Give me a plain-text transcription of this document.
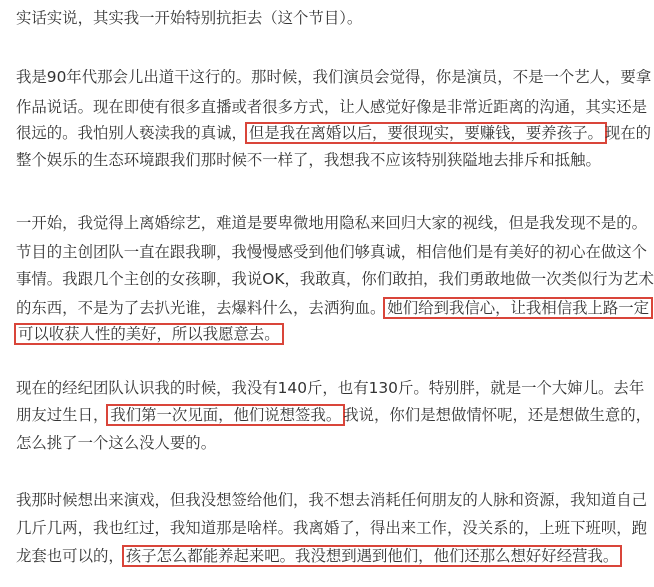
实话实说，其实我一开始特别抗拒去（这个节目）。
我是90年代那会儿出道干这行的。那时候，我们演员会觉得，你是演员，不是一个艺人，要拿
作品说话。现在即使有很多直播或者很多方式，让人感觉好像是非常近距离的沟通，其实还是
很远的。我怕别人亵渎我的真诚， 但是我在离婚以后，要很现实，要赚钱，要养孩子。 现在的
整个娱乐的生态环境跟我们那时候不一样了，我想我不应该特别狭隘地去排斥和抵触。
一开始，我觉得上离婚综艺，难道是要卑微地用隐私来回归大家的视线，但是我发现不是的。
节目的主创团队一直在跟我聊，我慢慢感受到他们够真诚，相信他们是有美好的初心在做这个
事情。我跟几个主创的女孩聊，我说OK，我敢真，你们敢拍，我们勇敢地做一次类似行为艺术
的东西，不是为了去扒光谁，去爆料什么，去洒狗血。 她们给到我信心，让我相信我上路一定
可以收获人性的美好，所以我愿意去。
现在的经纪团队认识我的时候，我没有140斤，也有130斤。特别胖，就是一个大婶儿。去年
朋友过生日， 我们第一次见面，他们说想签我。 我说，你们是想做情怀呢，还是想做生意的，
怎么挑了一个这么没人要的。
我那时候想出来演戏，但我没想签给他们，我不想去消耗任何朋友的人脉和资源，我知道自己
几斤几两，我也红过，我知道那是啥样。我离婚了，得出来工作，没关系的，上班下班呗，跑
龙套也可以的， 孩子怎么都能养起来吧。我没想到遇到他们，他们还那么想好好经营我。
